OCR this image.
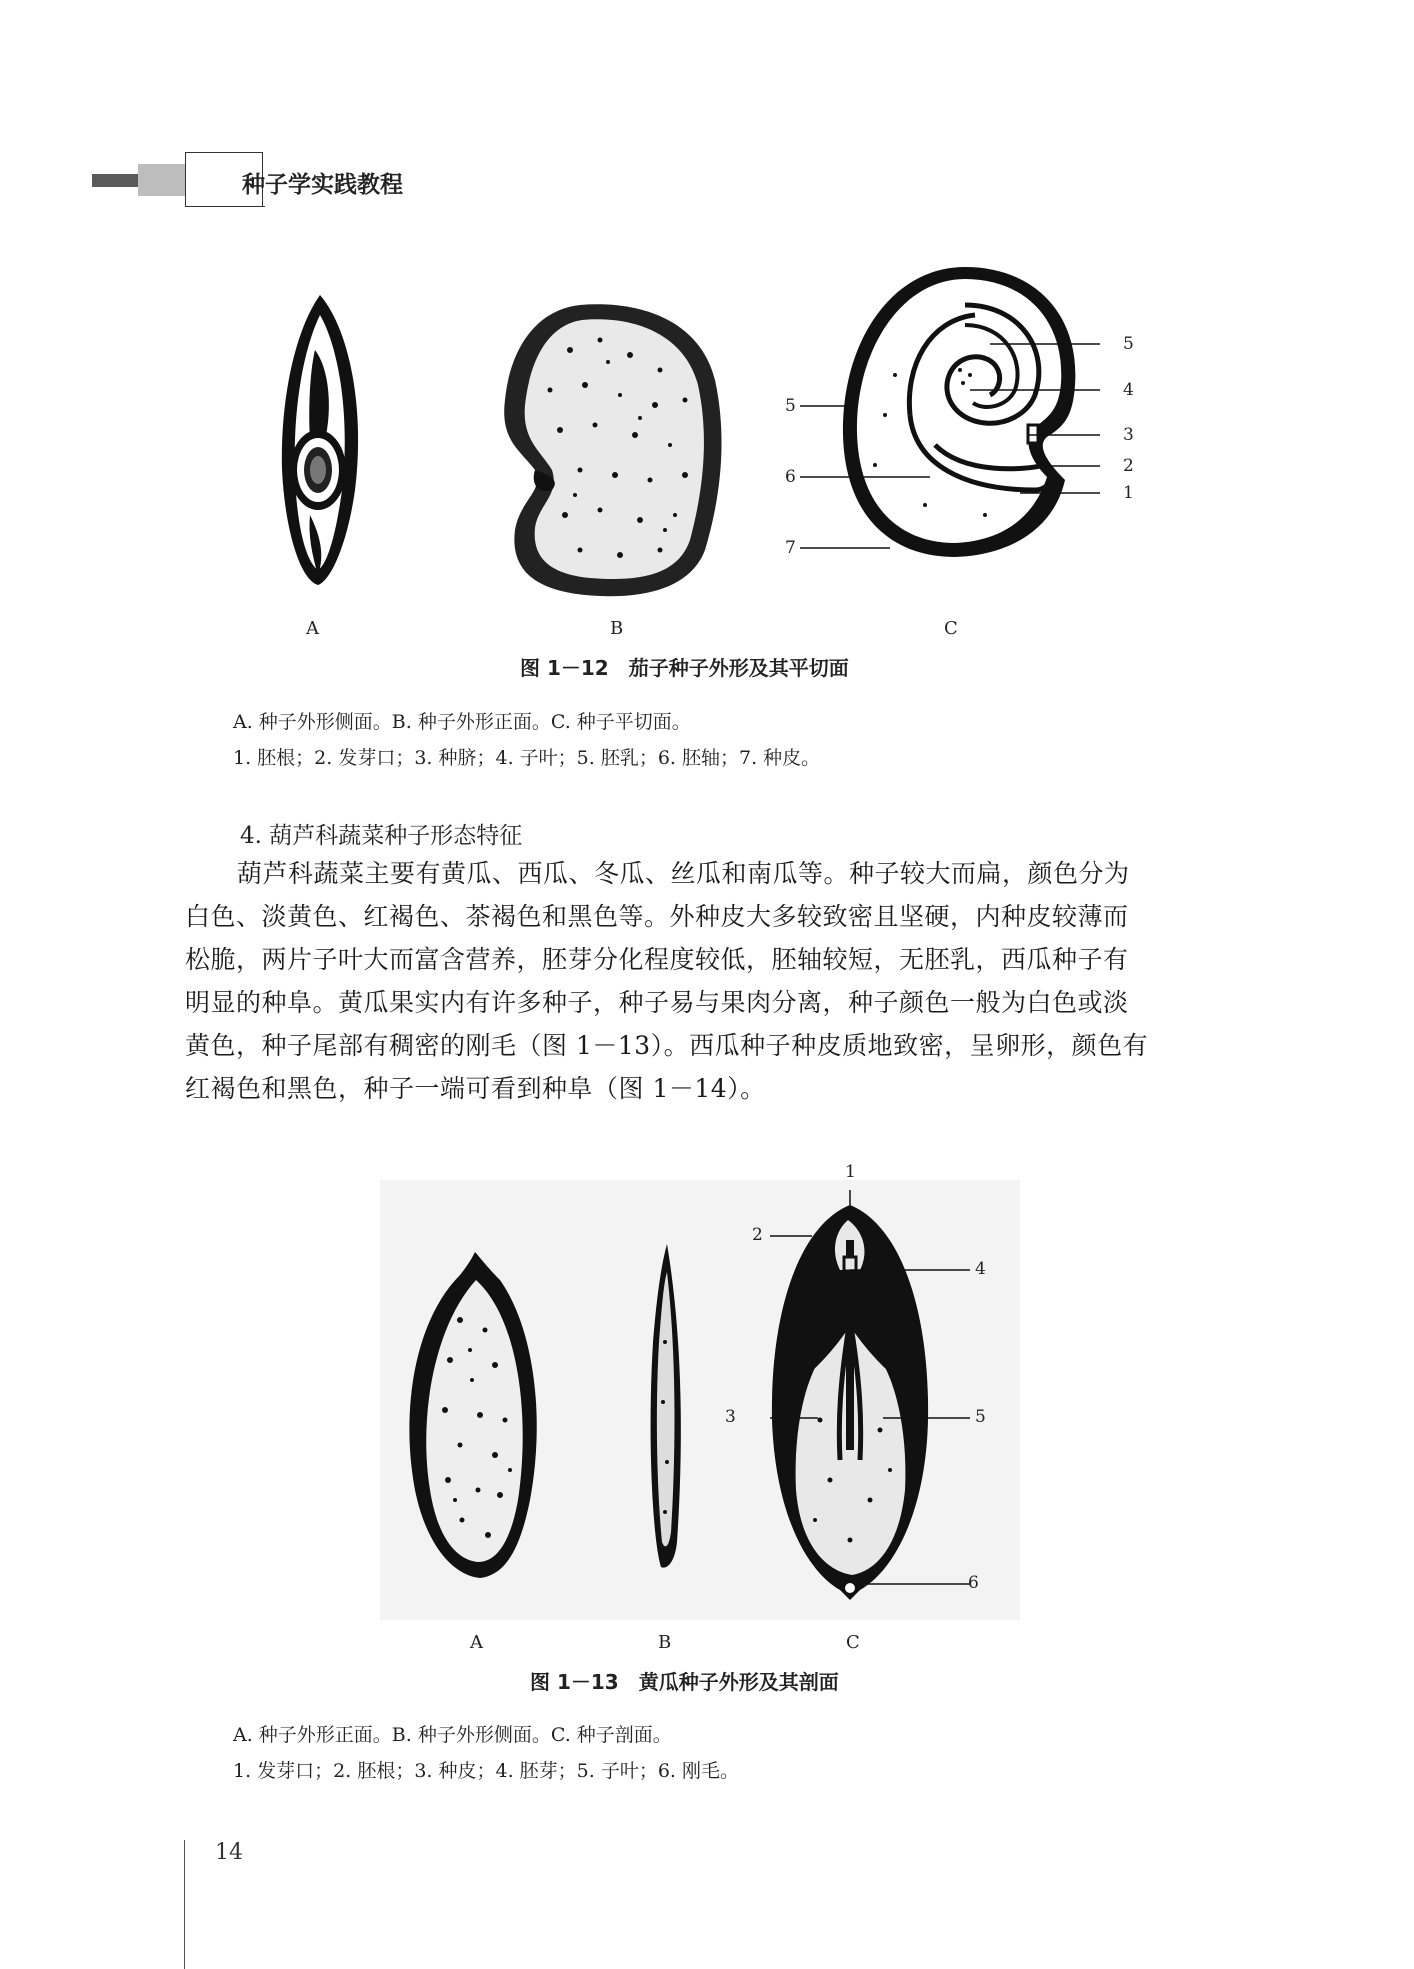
种子学实践教程
5
4
3
2
1
5
6
7
A	B	C
图 1－12　茄子种子外形及其平切面
A. 种子外形侧面。B. 种子外形正面。C. 种子平切面。
1. 胚根；2. 发芽口；3. 种脐；4. 子叶；5. 胚乳；6. 胚轴；7. 种皮。
4. 葫芦科蔬菜种子形态特征
葫芦科蔬菜主要有黄瓜、西瓜、冬瓜、丝瓜和南瓜等。种子较大而扁，颜色分为
白色、淡黄色、红褐色、茶褐色和黑色等。外种皮大多较致密且坚硬，内种皮较薄而
松脆，两片子叶大而富含营养，胚芽分化程度较低，胚轴较短，无胚乳，西瓜种子有
明显的种阜。黄瓜果实内有许多种子，种子易与果肉分离，种子颜色一般为白色或淡
黄色，种子尾部有稠密的刚毛（图 1－13）。西瓜种子种皮质地致密，呈卵形，颜色有
红褐色和黑色，种子一端可看到种阜（图 1－14）。
1
2
4
3	5
6
A	B	C
图 1－13　黄瓜种子外形及其剖面
A. 种子外形正面。B. 种子外形侧面。C. 种子剖面。
1. 发芽口；2. 胚根；3. 种皮；4. 胚芽；5. 子叶；6. 刚毛。
14
